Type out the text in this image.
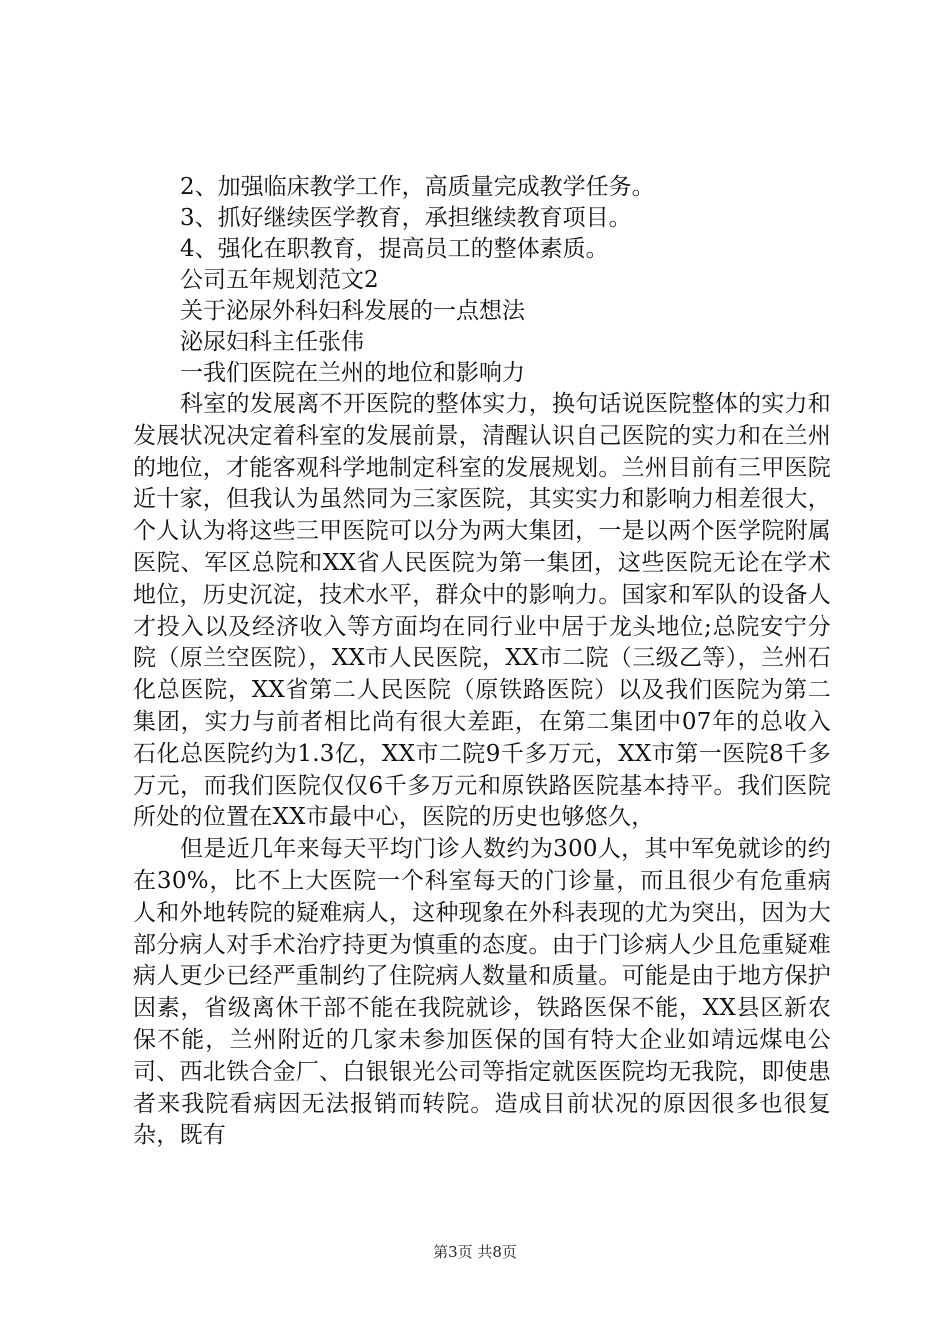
2、加强临床教学工作，高质量完成教学任务。
3、抓好继续医学教育，承担继续教育项目。
4、强化在职教育，提高员工的整体素质。
公司五年规划范文2
关于泌尿外科妇科发展的一点想法
泌尿妇科主任张伟
一我们医院在兰州的地位和影响力

科室的发展离不开医院的整体实力，换句话说医院整体的实力和发展状况决定着科室的发展前景，清醒认识自己医院的实力和在兰州的地位，才能客观科学地制定科室的发展规划。兰州目前有三甲医院近十家，但我认为虽然同为三家医院，其实实力和影响力相差很大，个人认为将这些三甲医院可以分为两大集团，一是以两个医学院附属医院、军区总院和XX省人民医院为第一集团，这些医院无论在学术地位，历史沉淀，技术水平，群众中的影响力。国家和军队的设备人才投入以及经济收入等方面均在同行业中居于龙头地位;总院安宁分院（原兰空医院），XX市人民医院，XX市二院（三级乙等），兰州石化总医院，XX省第二人民医院（原铁路医院）以及我们医院为第二集团，实力与前者相比尚有很大差距，在第二集团中07年的总收入石化总医院约为1.3亿，XX市二院9千多万元，XX市第一医院8千多万元，而我们医院仅仅6千多万元和原铁路医院基本持平。我们医院所处的位置在XX市最中心，医院的历史也够悠久，

但是近几年来每天平均门诊人数约为300人，其中军免就诊的约在30%，比不上大医院一个科室每天的门诊量，而且很少有危重病人和外地转院的疑难病人，这种现象在外科表现的尤为突出，因为大部分病人对手术治疗持更为慎重的态度。由于门诊病人少且危重疑难病人更少已经严重制约了住院病人数量和质量。可能是由于地方保护因素，省级离休干部不能在我院就诊，铁路医保不能，XX县区新农保不能，兰州附近的几家未参加医保的国有特大企业如靖远煤电公司、西北铁合金厂、白银银光公司等指定就医医院均无我院，即使患者来我院看病因无法报销而转院。造成目前状况的原因很多也很复杂，既有

第3页 共8页
